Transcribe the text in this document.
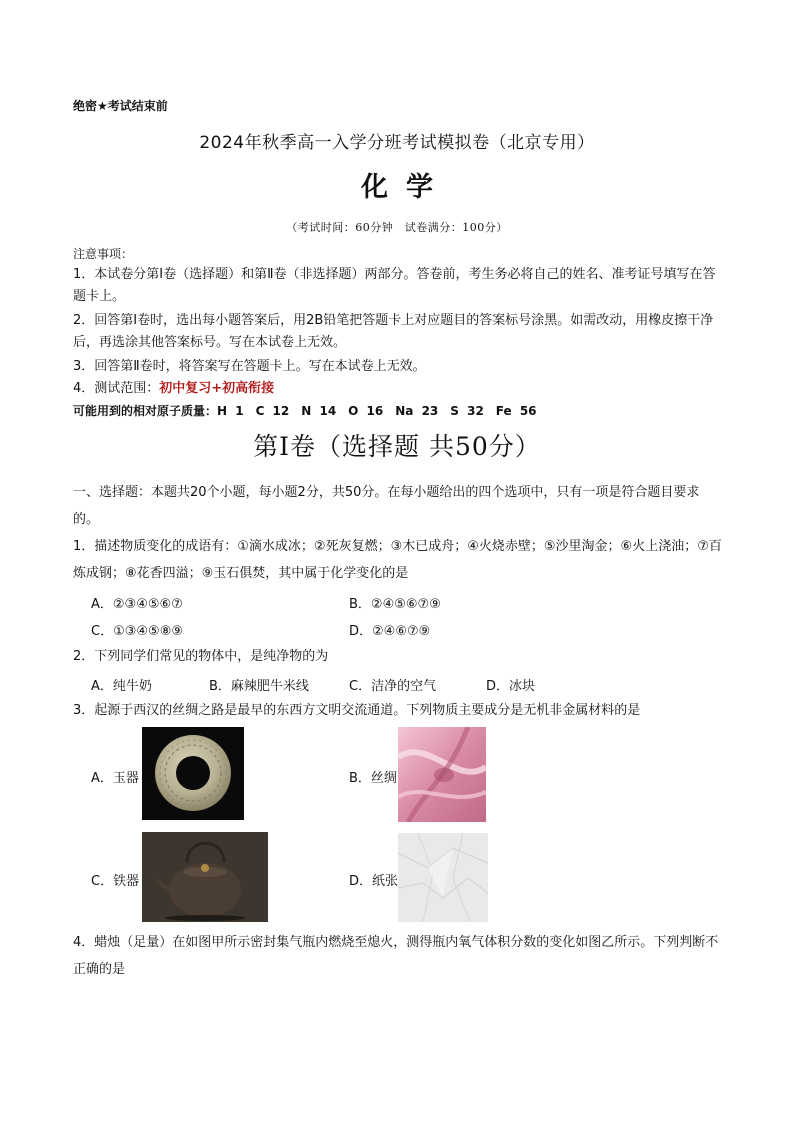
绝密★考试结束前
2024年秋季高一入学分班考试模拟卷（北京专用）
化学
（考试时间：60分钟　试卷满分：100分）
注意事项：
1．本试卷分第Ⅰ卷（选择题）和第Ⅱ卷（非选择题）两部分。答卷前，考生务必将自己的姓名、准考证号填写在答题卡上。
2．回答第Ⅰ卷时，选出每小题答案后，用2B铅笔把答题卡上对应题目的答案标号涂黑。如需改动，用橡皮擦干净后，再选涂其他答案标号。写在本试卷上无效。
3．回答第Ⅱ卷时，将答案写在答题卡上。写在本试卷上无效。
4．测试范围：初中复习+初高衔接
可能用到的相对原子质量：H 1　C 12　N 14　O 16　Na 23　S 32　Fe 56
第Ⅰ卷（选择题 共50分）
一、选择题：本题共20个小题，每小题2分，共50分。在每小题给出的四个选项中，只有一项是符合题目要求的。
1．描述物质变化的成语有：①滴水成冰；②死灰复燃；③木已成舟；④火烧赤壁；⑤沙里淘金；⑥火上浇油；⑦百炼成钢；⑧花香四溢；⑨玉石俱焚，其中属于化学变化的是
A．②③④⑤⑥⑦	B．②④⑤⑥⑦⑨
C．①③④⑤⑧⑨	D．②④⑥⑦⑨
2．下列同学们常见的物体中，是纯净物的为
A．纯牛奶	B．麻辣肥牛米线	C．洁净的空气	D．冰块
3．起源于西汉的丝绸之路是最早的东西方文明交流通道。下列物质主要成分是无机非金属材料的是
A．玉器	B．丝绸
C．铁器	D．纸张
4．蜡烛（足量）在如图甲所示密封集气瓶内燃烧至熄火，测得瓶内氧气体积分数的变化如图乙所示。下列判断不正确的是
